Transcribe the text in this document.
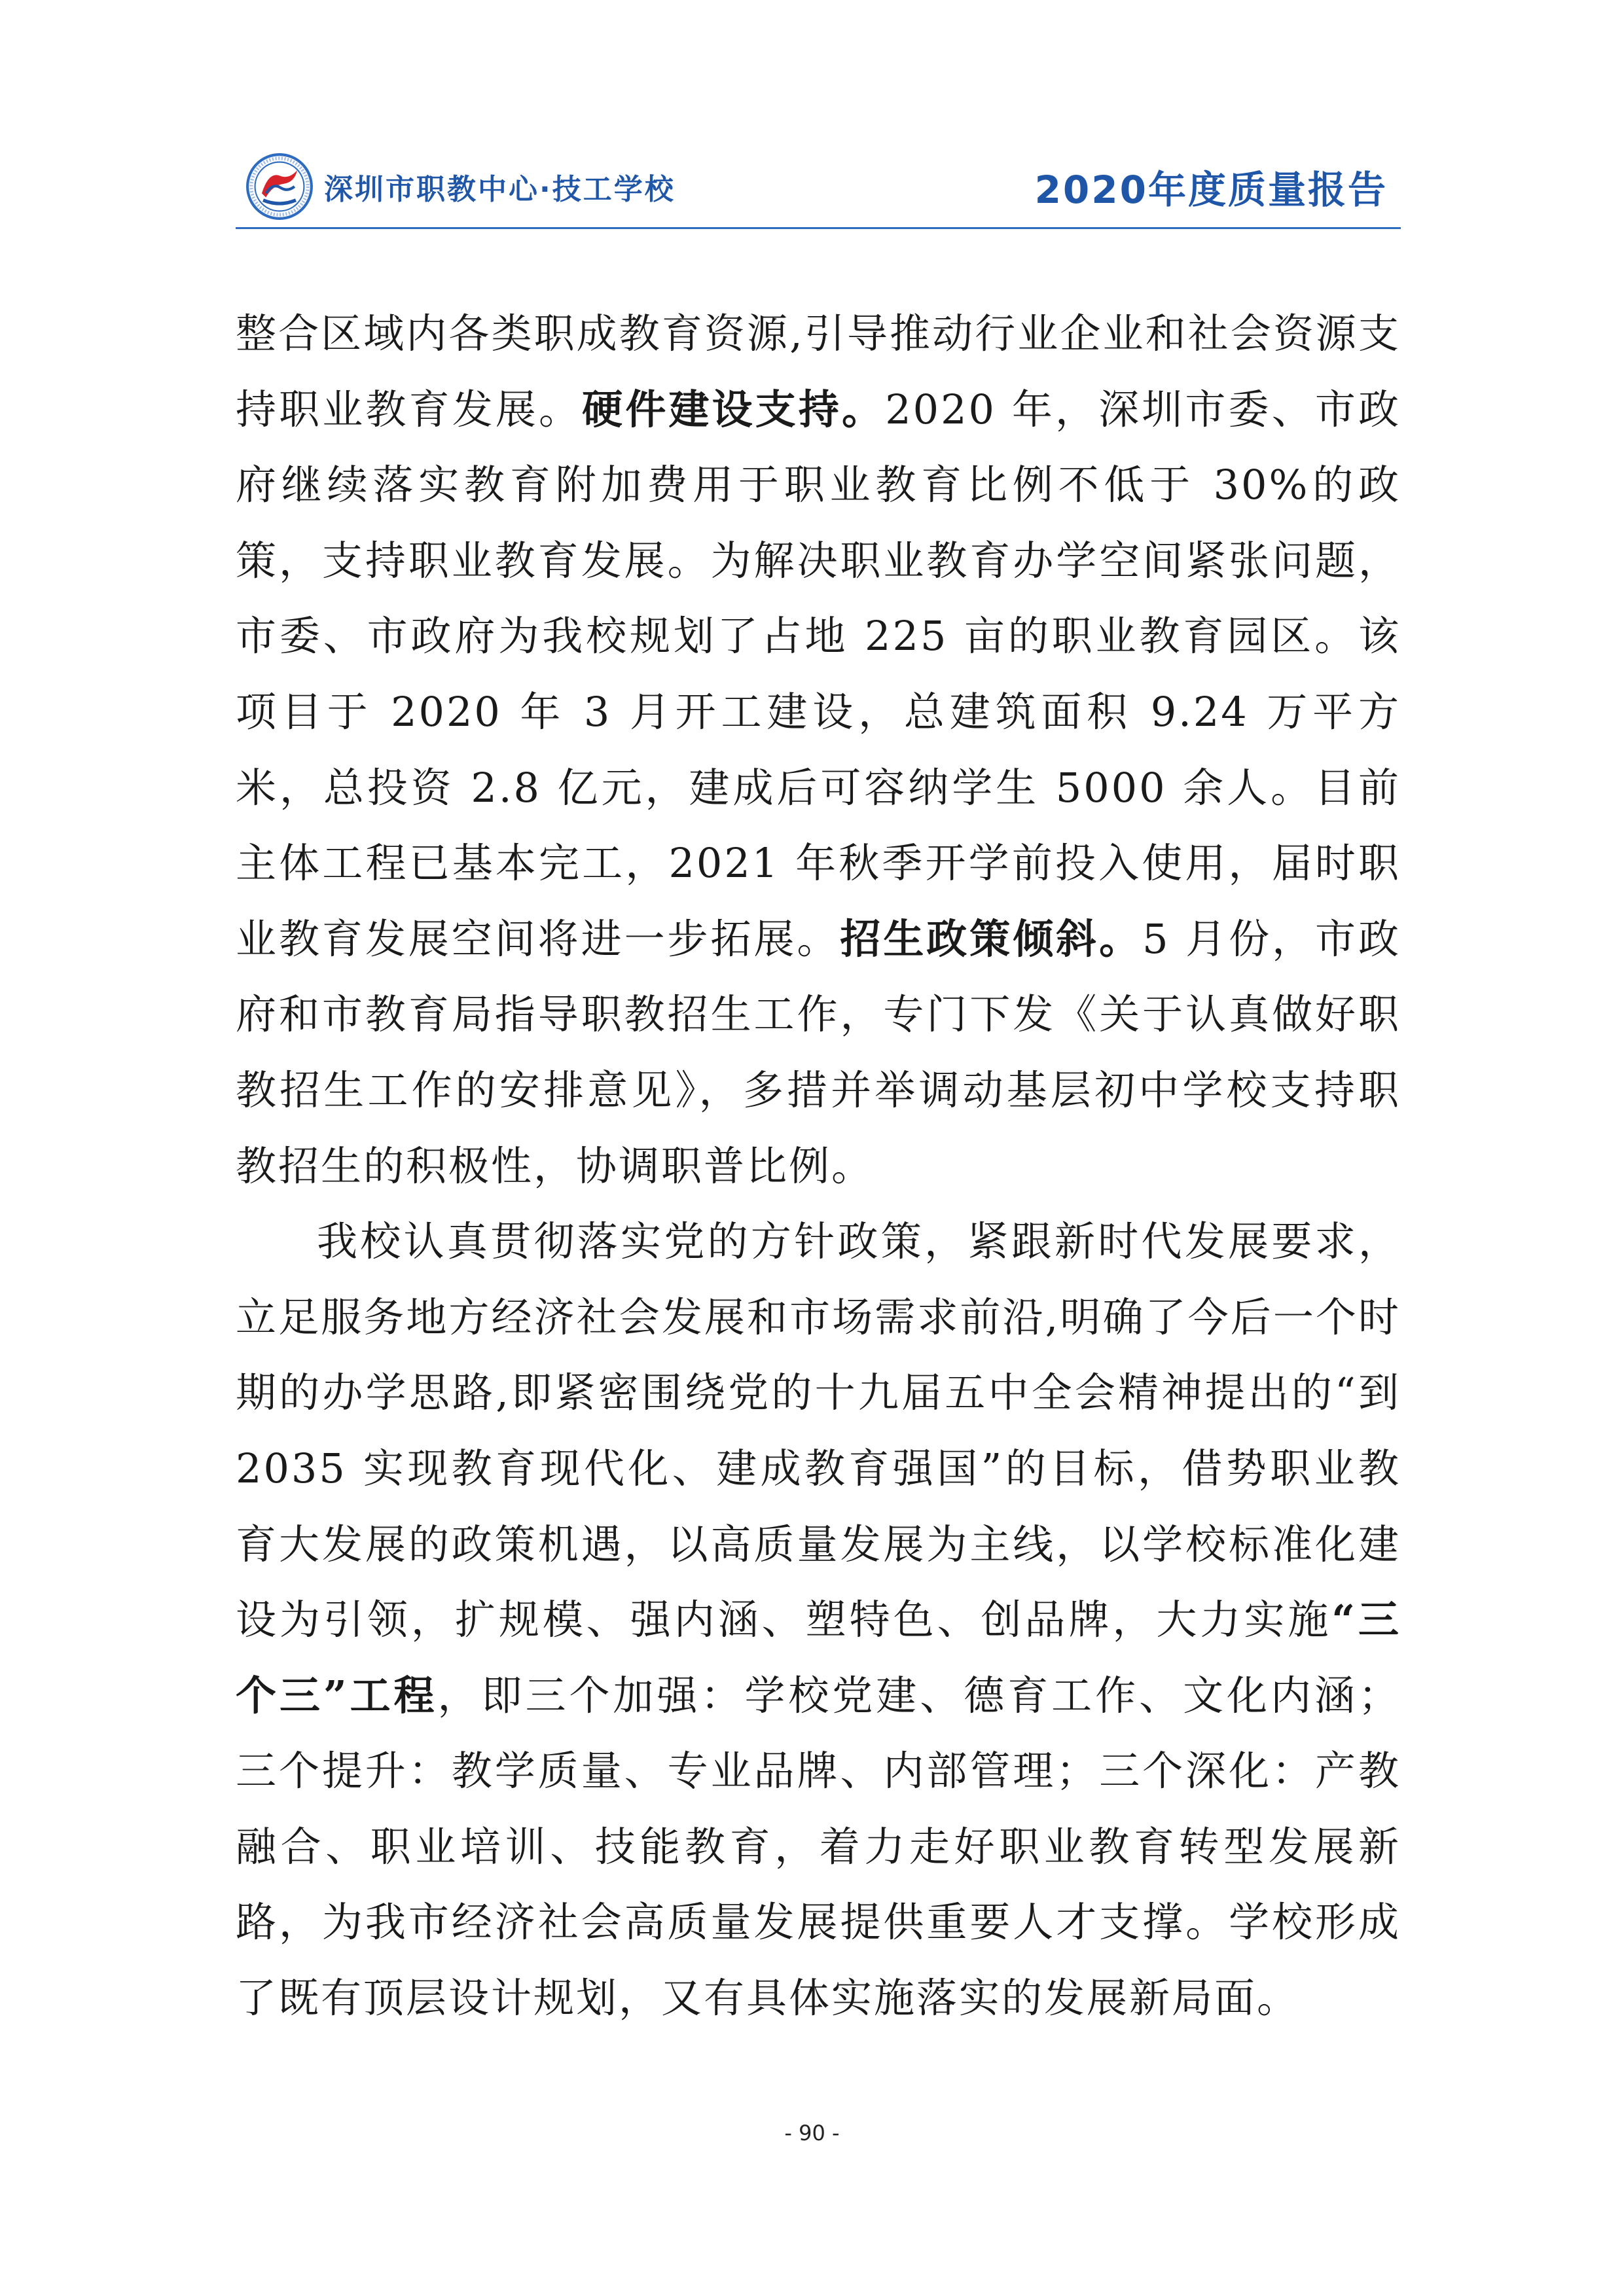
深圳市职教中心·技工学校	2020年度质量报告

整合区域内各类职成教育资源,引导推动行业企业和社会资源支持职业教育发展。硬件建设支持。2020 年，深圳市委、市政府继续落实教育附加费用于职业教育比例不低于 30%的政策，支持职业教育发展。为解决职业教育办学空间紧张问题，市委、市政府为我校规划了占地 225 亩的职业教育园区。该项目于 2020 年 3 月开工建设，总建筑面积 9.24 万平方米，总投资 2.8 亿元，建成后可容纳学生 5000 余人。目前主体工程已基本完工，2021 年秋季开学前投入使用，届时职业教育发展空间将进一步拓展。招生政策倾斜。5 月份，市政府和市教育局指导职教招生工作，专门下发《关于认真做好职教招生工作的安排意见》，多措并举调动基层初中学校支持职教招生的积极性，协调职普比例。

我校认真贯彻落实党的方针政策，紧跟新时代发展要求，立足服务地方经济社会发展和市场需求前沿,明确了今后一个时期的办学思路,即紧密围绕党的十九届五中全会精神提出的“到 2035 实现教育现代化、建成教育强国”的目标，借势职业教育大发展的政策机遇，以高质量发展为主线，以学校标准化建设为引领，扩规模、强内涵、塑特色、创品牌，大力实施“三个三”工程，即三个加强：学校党建、德育工作、文化内涵；三个提升：教学质量、专业品牌、内部管理；三个深化：产教融合、职业培训、技能教育，着力走好职业教育转型发展新路，为我市经济社会高质量发展提供重要人才支撑。学校形成了既有顶层设计规划，又有具体实施落实的发展新局面。

- 90 -
